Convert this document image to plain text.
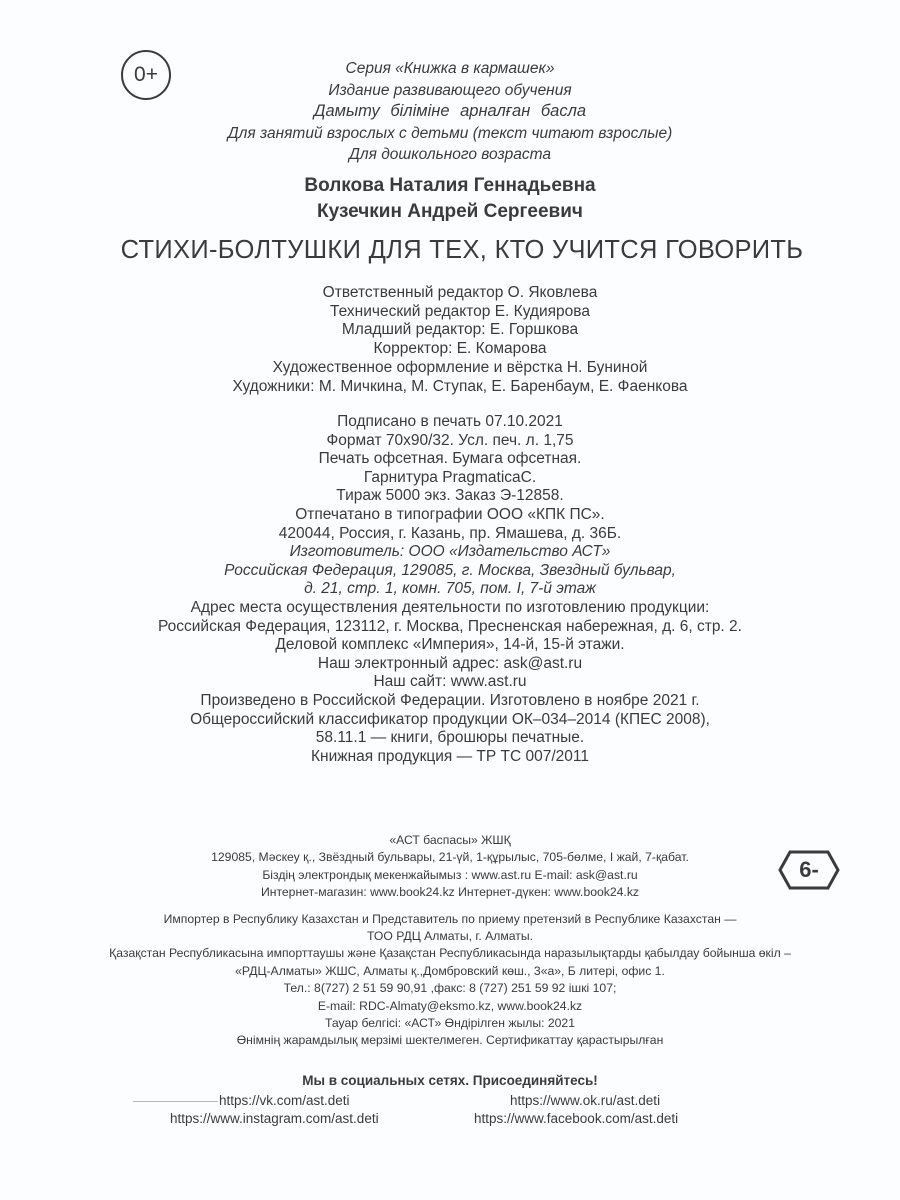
0+	Серия «Книжка в кармашек»
Издание развивающего обучения
Дамыту біліміне арналған басла
Для занятий взрослых с детьми (текст читают взрослые)
Для дошкольного возраста
Волкова Наталия Геннадьевна
Кузечкин Андрей Сергеевич
СТИХИ-БОЛТУШКИ ДЛЯ ТЕХ, КТО УЧИТСЯ ГОВОРИТЬ
Ответственный редактор О. Яковлева
Технический редактор Е. Кудиярова
Младший редактор: Е. Горшкова
Корректор: Е. Комарова
Художественное оформление и вёрстка Н. Буниной
Художники: М. Мичкина, М. Ступак, Е. Баренбаум, Е. Фаенкова
Подписано в печать 07.10.2021
Формат 70х90/32. Усл. печ. л. 1,75
Печать офсетная. Бумага офсетная.
Гарнитура PragmaticaC.
Тираж 5000 экз. Заказ Э-12858.
Отпечатано в типографии ООО «КПК ПС».
420044, Россия, г. Казань, пр. Ямашева, д. 36Б.
Изготовитель: ООО «Издательство АСТ»
Российская Федерация, 129085, г. Москва, Звездный бульвар,
д. 21, стр. 1, комн. 705, пом. I, 7-й этаж
Адрес места осуществления деятельности по изготовлению продукции:
Российская Федерация, 123112, г. Москва, Пресненская набережная, д. 6, стр. 2.
Деловой комплекс «Империя», 14-й, 15-й этажи.
Наш электронный адрес: ask@ast.ru
Наш сайт: www.ast.ru
Произведено в Российской Федерации. Изготовлено в ноябре 2021 г.
Общероссийский классификатор продукции ОК–034–2014 (КПЕС 2008),
58.11.1 — книги, брошюры печатные.
Книжная продукция — ТР ТС 007/2011
«АСТ баспасы» ЖШҚ
129085, Мәскеу қ., Звёздный бульвары, 21-үй, 1-құрылыс, 705-бөлме, I жай, 7-қабат.
Біздің электрондық мекенжайымыз : www.ast.ru E-mail: ask@ast.ru
Интернет-магазин: www.book24.kz Интернет-дүкен: www.book24.kz
Импортер в Республику Казахстан и Представитель по приему претензий в Республике Казахстан —
ТОО РДЦ Алматы, г. Алматы.
Қазақстан Республикасына импорттаушы және Қазақстан Республикасында наразылықтарды қабылдау бойынша өкіл –
«РДЦ-Алматы» ЖШС, Алматы қ.,Домбровский көш., 3«а», Б литері, офис 1.
Тел.: 8(727) 2 51 59 90,91 ,факс: 8 (727) 251 59 92 ішкі 107;
E-mail: RDC-Almaty@eksmo.kz, www.book24.kz
Тауар белгісі: «АСТ» Өндірілген жылы: 2021
Өнімнің жарамдылық мерзімі шектелмеген. Сертификаттау қарастырылған
6-
Мы в социальных сетях. Присоединяйтесь!
https://vk.com/ast.deti	https://www.ok.ru/ast.deti
https://www.instagram.com/ast.deti	https://www.facebook.com/ast.deti
